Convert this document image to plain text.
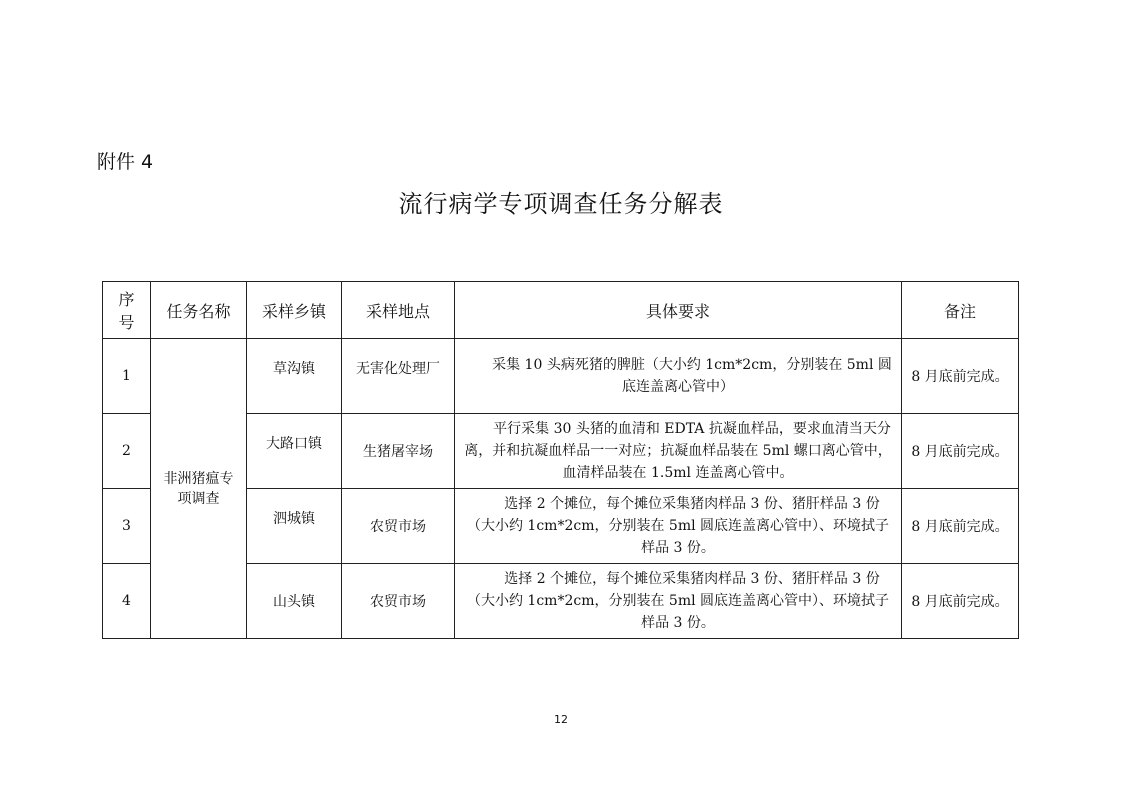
附件 4
流行病学专项调查任务分解表
序号	任务名称	采样乡镇	采样地点	具体要求	备注
1	非洲猪瘟专项调查	草沟镇	无害化处理厂	采集 10 头病死猪的脾脏（大小约 1cm*2cm，分别装在 5ml 圆底连盖离心管中）	8 月底前完成。
2		大路口镇	生猪屠宰场	平行采集 30 头猪的血清和 EDTA 抗凝血样品，要求血清当天分离，并和抗凝血样品一一对应；抗凝血样品装在 5ml 螺口离心管中，血清样品装在 1.5ml 连盖离心管中。	8 月底前完成。
3		泗城镇	农贸市场	选择 2 个摊位，每个摊位采集猪肉样品 3 份、猪肝样品 3 份（大小约 1cm*2cm，分别装在 5ml 圆底连盖离心管中）、环境拭子样品 3 份。	8 月底前完成。
4		山头镇	农贸市场	选择 2 个摊位，每个摊位采集猪肉样品 3 份、猪肝样品 3 份（大小约 1cm*2cm，分别装在 5ml 圆底连盖离心管中）、环境拭子样品 3 份。	8 月底前完成。
12
